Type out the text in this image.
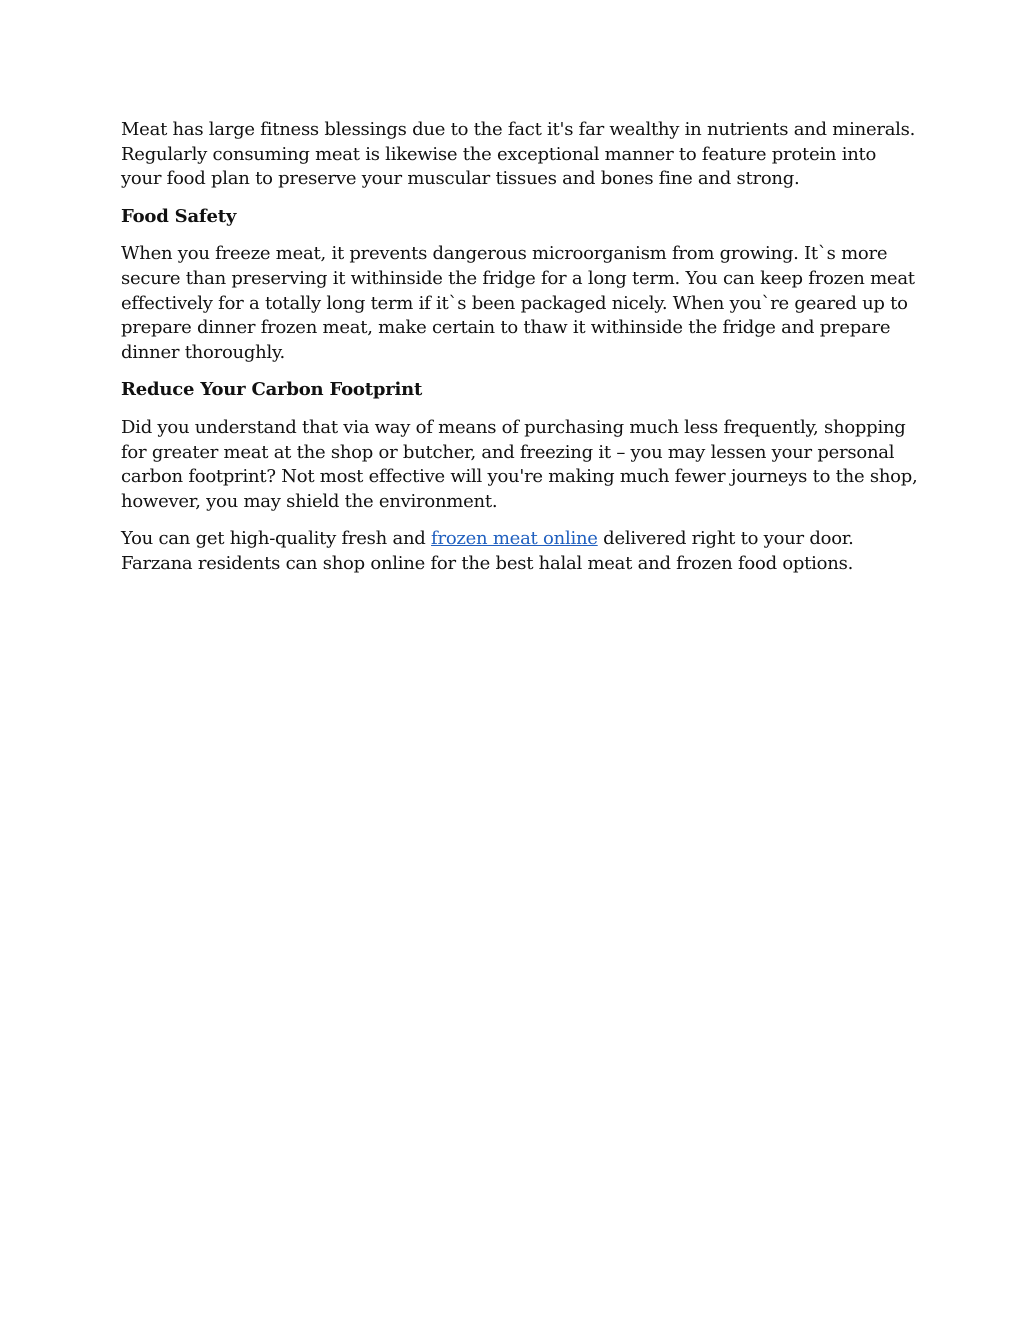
Meat has large fitness blessings due to the fact it's far wealthy in nutrients and minerals. Regularly consuming meat is likewise the exceptional manner to feature protein into your food plan to preserve your muscular tissues and bones fine and strong.

Food Safety

When you freeze meat, it prevents dangerous microorganism from growing. It`s more secure than preserving it withinside the fridge for a long term. You can keep frozen meat effectively for a totally long term if it`s been packaged nicely. When you`re geared up to prepare dinner frozen meat, make certain to thaw it withinside the fridge and prepare dinner thoroughly.

Reduce Your Carbon Footprint

Did you understand that via way of means of purchasing much less frequently, shopping for greater meat at the shop or butcher, and freezing it – you may lessen your personal carbon footprint? Not most effective will you're making much fewer journeys to the shop, however, you may shield the environment.

You can get high-quality fresh and frozen meat online delivered right to your door. Farzana residents can shop online for the best halal meat and frozen food options.
